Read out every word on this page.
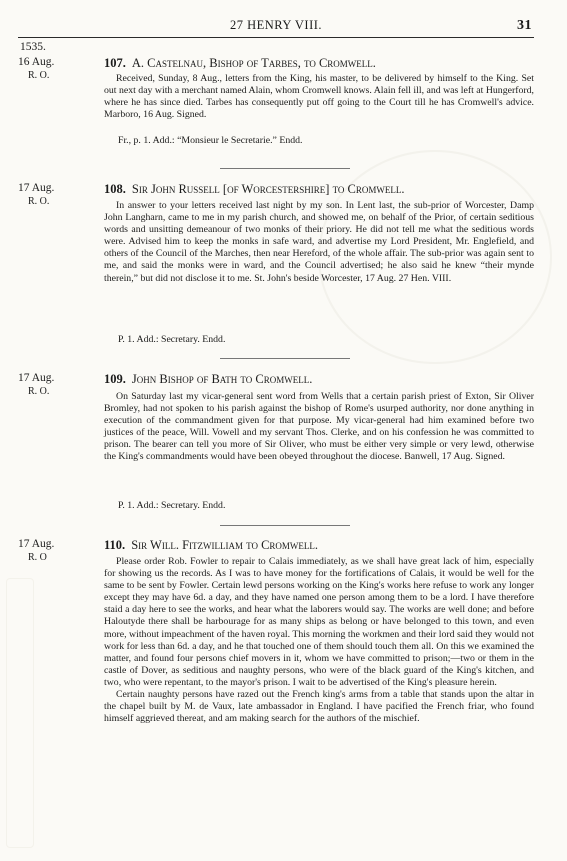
27 HENRY VIII.	31
1535.
16 Aug.
R. O.
107. A. Castelnau, Bishop of Tarbes, to Cromwell.

Received, Sunday, 8 Aug., letters from the King, his master, to be delivered by himself to the King. Set out next day with a merchant named Alain, whom Cromwell knows. Alain fell ill, and was left at Hungerford, where he has since died. Tarbes has consequently put off going to the Court till he has Cromwell's advice. Marboro, 16 Aug. Signed.

Fr., p. 1. Add.: “Monsieur le Secretarie.” Endd.
17 Aug.
R. O.
108. Sir John Russell [of Worcestershire] to Cromwell.

In answer to your letters received last night by my son. In Lent last, the sub-prior of Worcester, Damp John Langharn, came to me in my parish church, and showed me, on behalf of the Prior, of certain seditious words and unsitting demeanour of two monks of their priory. He did not tell me what the seditious words were. Advised him to keep the monks in safe ward, and advertise my Lord President, Mr. Englefield, and others of the Council of the Marches, then near Hereford, of the whole affair. The sub-prior was again sent to me, and said the monks were in ward, and the Council advertised; he also said he knew “their mynde therein,” but did not disclose it to me. St. John's beside Worcester, 17 Aug. 27 Hen. VIII.

P. 1. Add.: Secretary. Endd.
17 Aug.
R. O.
109. John Bishop of Bath to Cromwell.

On Saturday last my vicar-general sent word from Wells that a certain parish priest of Exton, Sir Oliver Bromley, had not spoken to his parish against the bishop of Rome's usurped authority, nor done anything in execution of the commandment given for that purpose. My vicar-general had him examined before two justices of the peace, Will. Vowell and my servant Thos. Clerke, and on his confession he was committed to prison. The bearer can tell you more of Sir Oliver, who must be either very simple or very lewd, otherwise the King's commandments would have been obeyed throughout the diocese. Banwell, 17 Aug. Signed.

P. 1. Add.: Secretary. Endd.
17 Aug.
R. O
110. Sir Will. Fitzwilliam to Cromwell.

Please order Rob. Fowler to repair to Calais immediately, as we shall have great lack of him, especially for showing us the records. As I was to have money for the fortifications of Calais, it would be well for the same to be sent by Fowler. Certain lewd persons working on the King's works here refuse to work any longer except they may have 6d. a day, and they have named one person among them to be a lord. I have therefore staid a day here to see the works, and hear what the laborers would say. The works are well done; and before Haloutyde there shall be harbourage for as many ships as belong or have belonged to this town, and even more, without impeachment of the haven royal. This morning the workmen and their lord said they would not work for less than 6d. a day, and he that touched one of them should touch them all. On this we examined the matter, and found four persons chief movers in it, whom we have committed to prison;—two or them in the castle of Dover, as seditious and naughty persons, who were of the black guard of the King's kitchen, and two, who were repentant, to the mayor's prison. I wait to be advertised of the King's pleasure herein.

Certain naughty persons have razed out the French king's arms from a table that stands upon the altar in the chapel built by M. de Vaux, late ambassador in England. I have pacified the French friar, who found himself aggrieved thereat, and am making search for the authors of the mischief.
